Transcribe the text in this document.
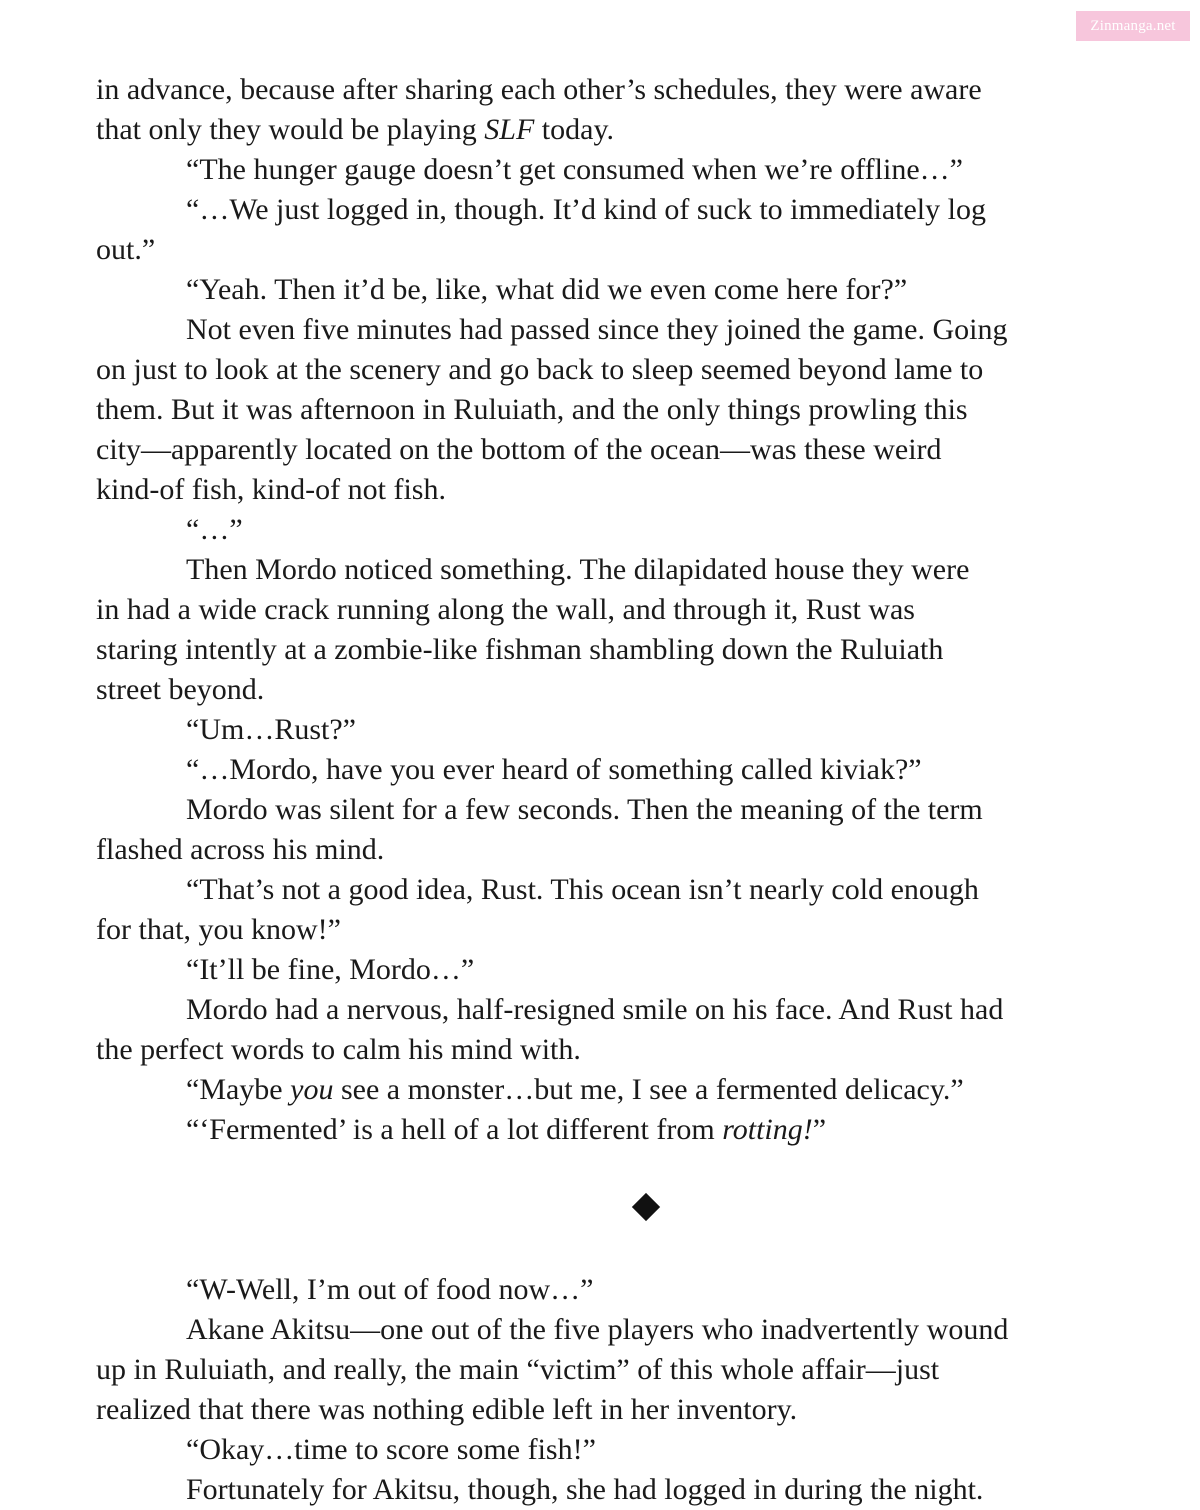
Zinmanga.net
in advance, because after sharing each other’s schedules, they were aware
that only they would be playing SLF today.
“The hunger gauge doesn’t get consumed when we’re offline…”
“…We just logged in, though. It’d kind of suck to immediately log
out.”
“Yeah. Then it’d be, like, what did we even come here for?”
Not even five minutes had passed since they joined the game. Going
on just to look at the scenery and go back to sleep seemed beyond lame to
them. But it was afternoon in Ruluiath, and the only things prowling this
city—apparently located on the bottom of the ocean—was these weird
kind-of fish, kind-of not fish.
“…”
Then Mordo noticed something. The dilapidated house they were
in had a wide crack running along the wall, and through it, Rust was
staring intently at a zombie-like fishman shambling down the Ruluiath
street beyond.
“Um…Rust?”
“…Mordo, have you ever heard of something called kiviak?”
Mordo was silent for a few seconds. Then the meaning of the term
flashed across his mind.
“That’s not a good idea, Rust. This ocean isn’t nearly cold enough
for that, you know!”
“It’ll be fine, Mordo…”
Mordo had a nervous, half-resigned smile on his face. And Rust had
the perfect words to calm his mind with.
“Maybe you see a monster…but me, I see a fermented delicacy.”
“‘Fermented’ is a hell of a lot different from rotting!”
“W-Well, I’m out of food now…”
Akane Akitsu—one out of the five players who inadvertently wound
up in Ruluiath, and really, the main “victim” of this whole affair—just
realized that there was nothing edible left in her inventory.
“Okay…time to score some fish!”
Fortunately for Akitsu, though, she had logged in during the night.
